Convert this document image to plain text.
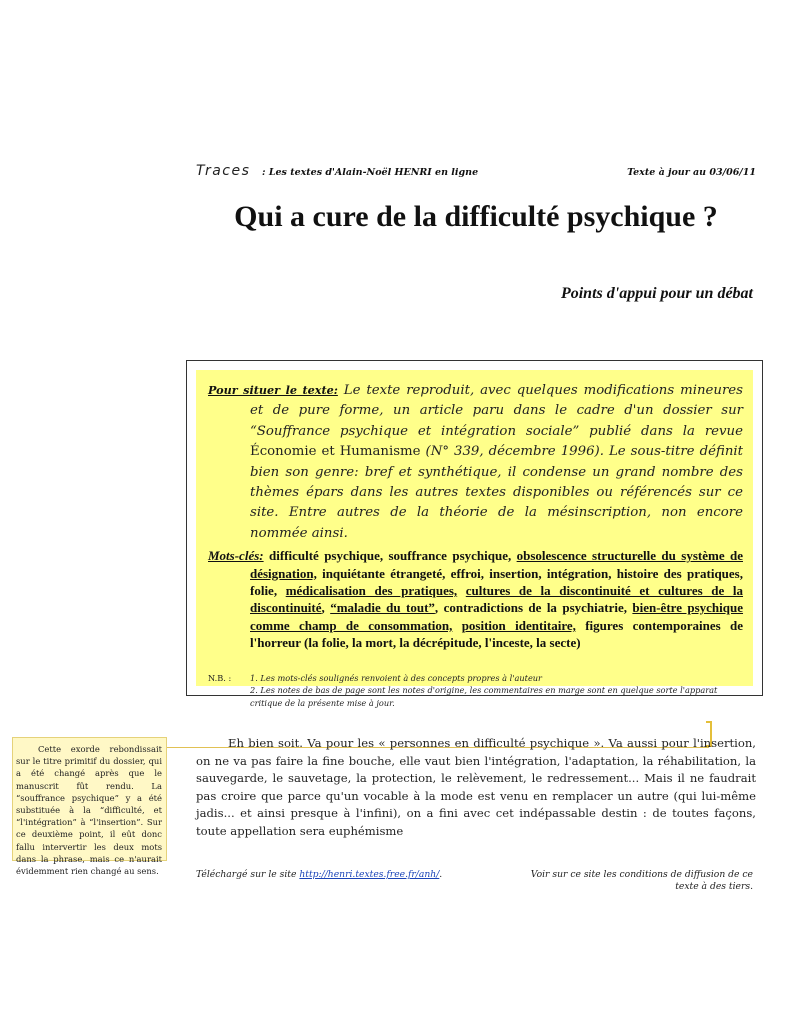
Traces : Les textes d'Alain-Noël HENRI en ligne	Texte à jour au 03/06/11
Qui a cure de la difficulté psychique ?
Points d'appui pour un débat

Pour situer le texte: Le texte reproduit, avec quelques modifications mineures et de pure forme, un article paru dans le cadre d'un dossier sur “Souffrance psychique et intégration sociale” publié dans la revue Économie et Humanisme (N° 339, décembre 1996). Le sous-titre définit bien son genre: bref et synthétique, il condense un grand nombre des thèmes épars dans les autres textes disponibles ou référencés sur ce site. Entre autres de la théorie de la mésinscription, non encore nommée ainsi.

Mots-clés: difficulté psychique, souffrance psychique, obsolescence structurelle du système de désignation, inquiétante étrangeté, effroi, insertion, intégration, histoire des pratiques, folie, médicalisation des pratiques, cultures de la discontinuité et cultures de la discontinuité, “maladie du tout”, contradictions de la psychiatrie, bien-être psychique comme champ de consommation, position identitaire, figures contemporaines de l'horreur (la folie, la mort, la décrépitude, l'inceste, la secte)

N.B. :	1. Les mots-clés soulignés renvoient à des concepts propres à l'auteur
2. Les notes de bas de page sont les notes d'origine, les commentaires en marge sont en quelque sorte l'apparat critique de la présente mise à jour.
Cette exorde rebondissait sur le titre primitif du dossier, qui a été changé après que le manuscrit fût rendu. La “souffrance psychique” y a été substituée à la “difficulté, et “l'intégration” à “l'insertion”. Sur ce deuxième point, il eût donc fallu intervertir les deux mots dans la phrase, mais ce n'aurait évidemment rien changé au sens.

Eh bien soit. Va pour les « personnes en difficulté psychique ». Va aussi pour l'insertion, on ne va pas faire la fine bouche, elle vaut bien l'intégration, l'adaptation, la réhabilitation, la sauvegarde, le sauvetage, la protection, le relèvement, le redressement... Mais il ne faudrait pas croire que parce qu'un vocable à la mode est venu en remplacer un autre (qui lui-même jadis... et ainsi presque à l'infini), on a fini avec cet indépassable destin : de toutes façons, toute appellation sera euphémisme

Téléchargé sur le site http://henri.textes.free.fr/anh/.	Voir sur ce site les conditions de diffusion de ce texte à des tiers.
